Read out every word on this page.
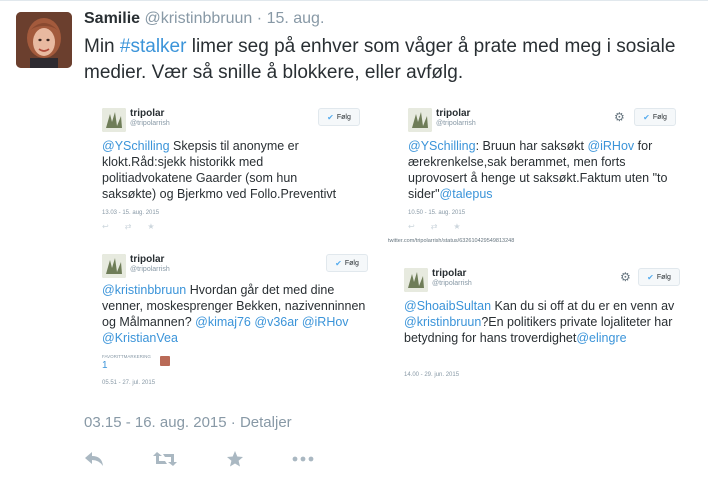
Samilie @kristinbbruun · 15. aug.
Min #stalker limer seg på enhver som våger å prate med meg i sosiale medier. Vær så snille å blokkere, eller avfølg.
tripolar
@tripolarrish
✔ Følg
@YSchilling Skepsis til anonyme er klokt.Råd:sjekk historikk med politiadvokatene Gaarder (som hun saksøkte) og Bjerkmo ved Follo.Preventivt
13.03 - 15. aug. 2015
↩ ⇄ ★
tripolar
@tripolarrish	⚙ ✔ Følg
@YSchilling: Bruun har saksøkt @iRHov for ærekrenkelse,sak berammet, men forts uprovosert å henge ut saksøkt.Faktum uten "to sider"@talepus
10.50 - 15. aug. 2015
↩ ⇄ ★
twitter.com/tripolarrish/status/632610429549813248
tripolar
@tripolarrish
✔ Følg
@kristinbbruun Hvordan går det med dine venner, moskesprenger Bekken, nazivenninnen og Målmannen? @kimaj76 @v36ar @iRHov @KristianVea
FAVORITTMARKERING
1
05.51 - 27. jul. 2015
tripolar
@tripolarrish	⚙ ✔ Følg
@ShoaibSultan Kan du si off at du er en venn av @kristinbruun?En politikers private lojaliteter har betydning for hans troverdighet@elingre
14.00 - 29. jun. 2015
03.15 - 16. aug. 2015 · Detaljer
